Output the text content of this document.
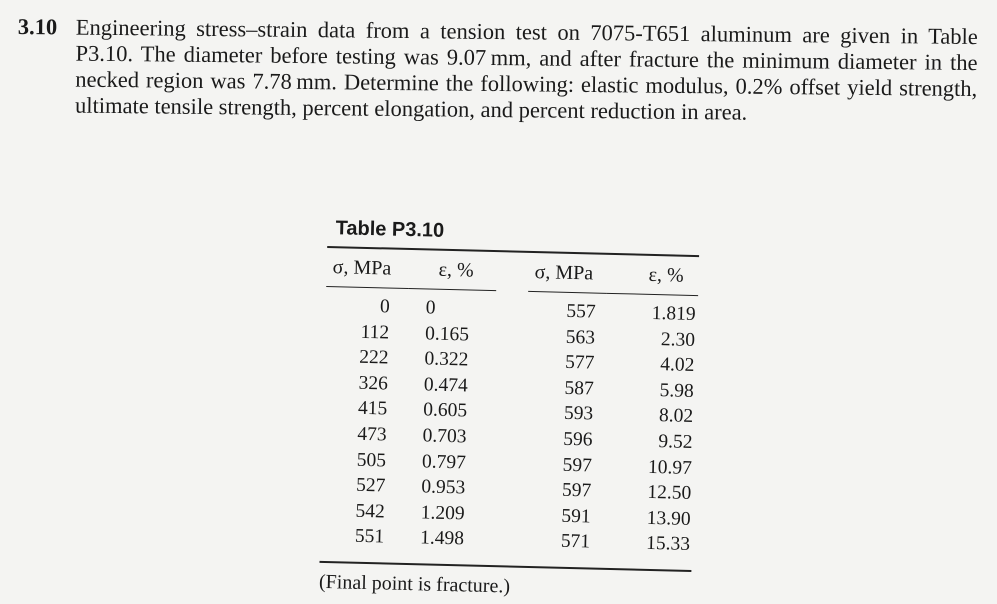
3.10 Engineering stress–strain data from a tension test on 7075-T651 aluminum are given in Table P3.10. The diameter before testing was 9.07 mm, and after fracture the minimum diameter in the necked region was 7.78 mm. Determine the following: elastic modulus, 0.2% offset yield strength, ultimate tensile strength, percent elongation, and percent reduction in area.
Table P3.10
σ, MPa	ε, %
0	0
112	0.165
222	0.322
326	0.474
415	0.605
473	0.703
505	0.797
527	0.953
542	1.209
551	1.498
σ, MPa	ε, %
557	1.819
563	2.30
577	4.02
587	5.98
593	8.02
596	9.52
597	10.97
597	12.50
591	13.90
571	15.33
(Final point is fracture.)
